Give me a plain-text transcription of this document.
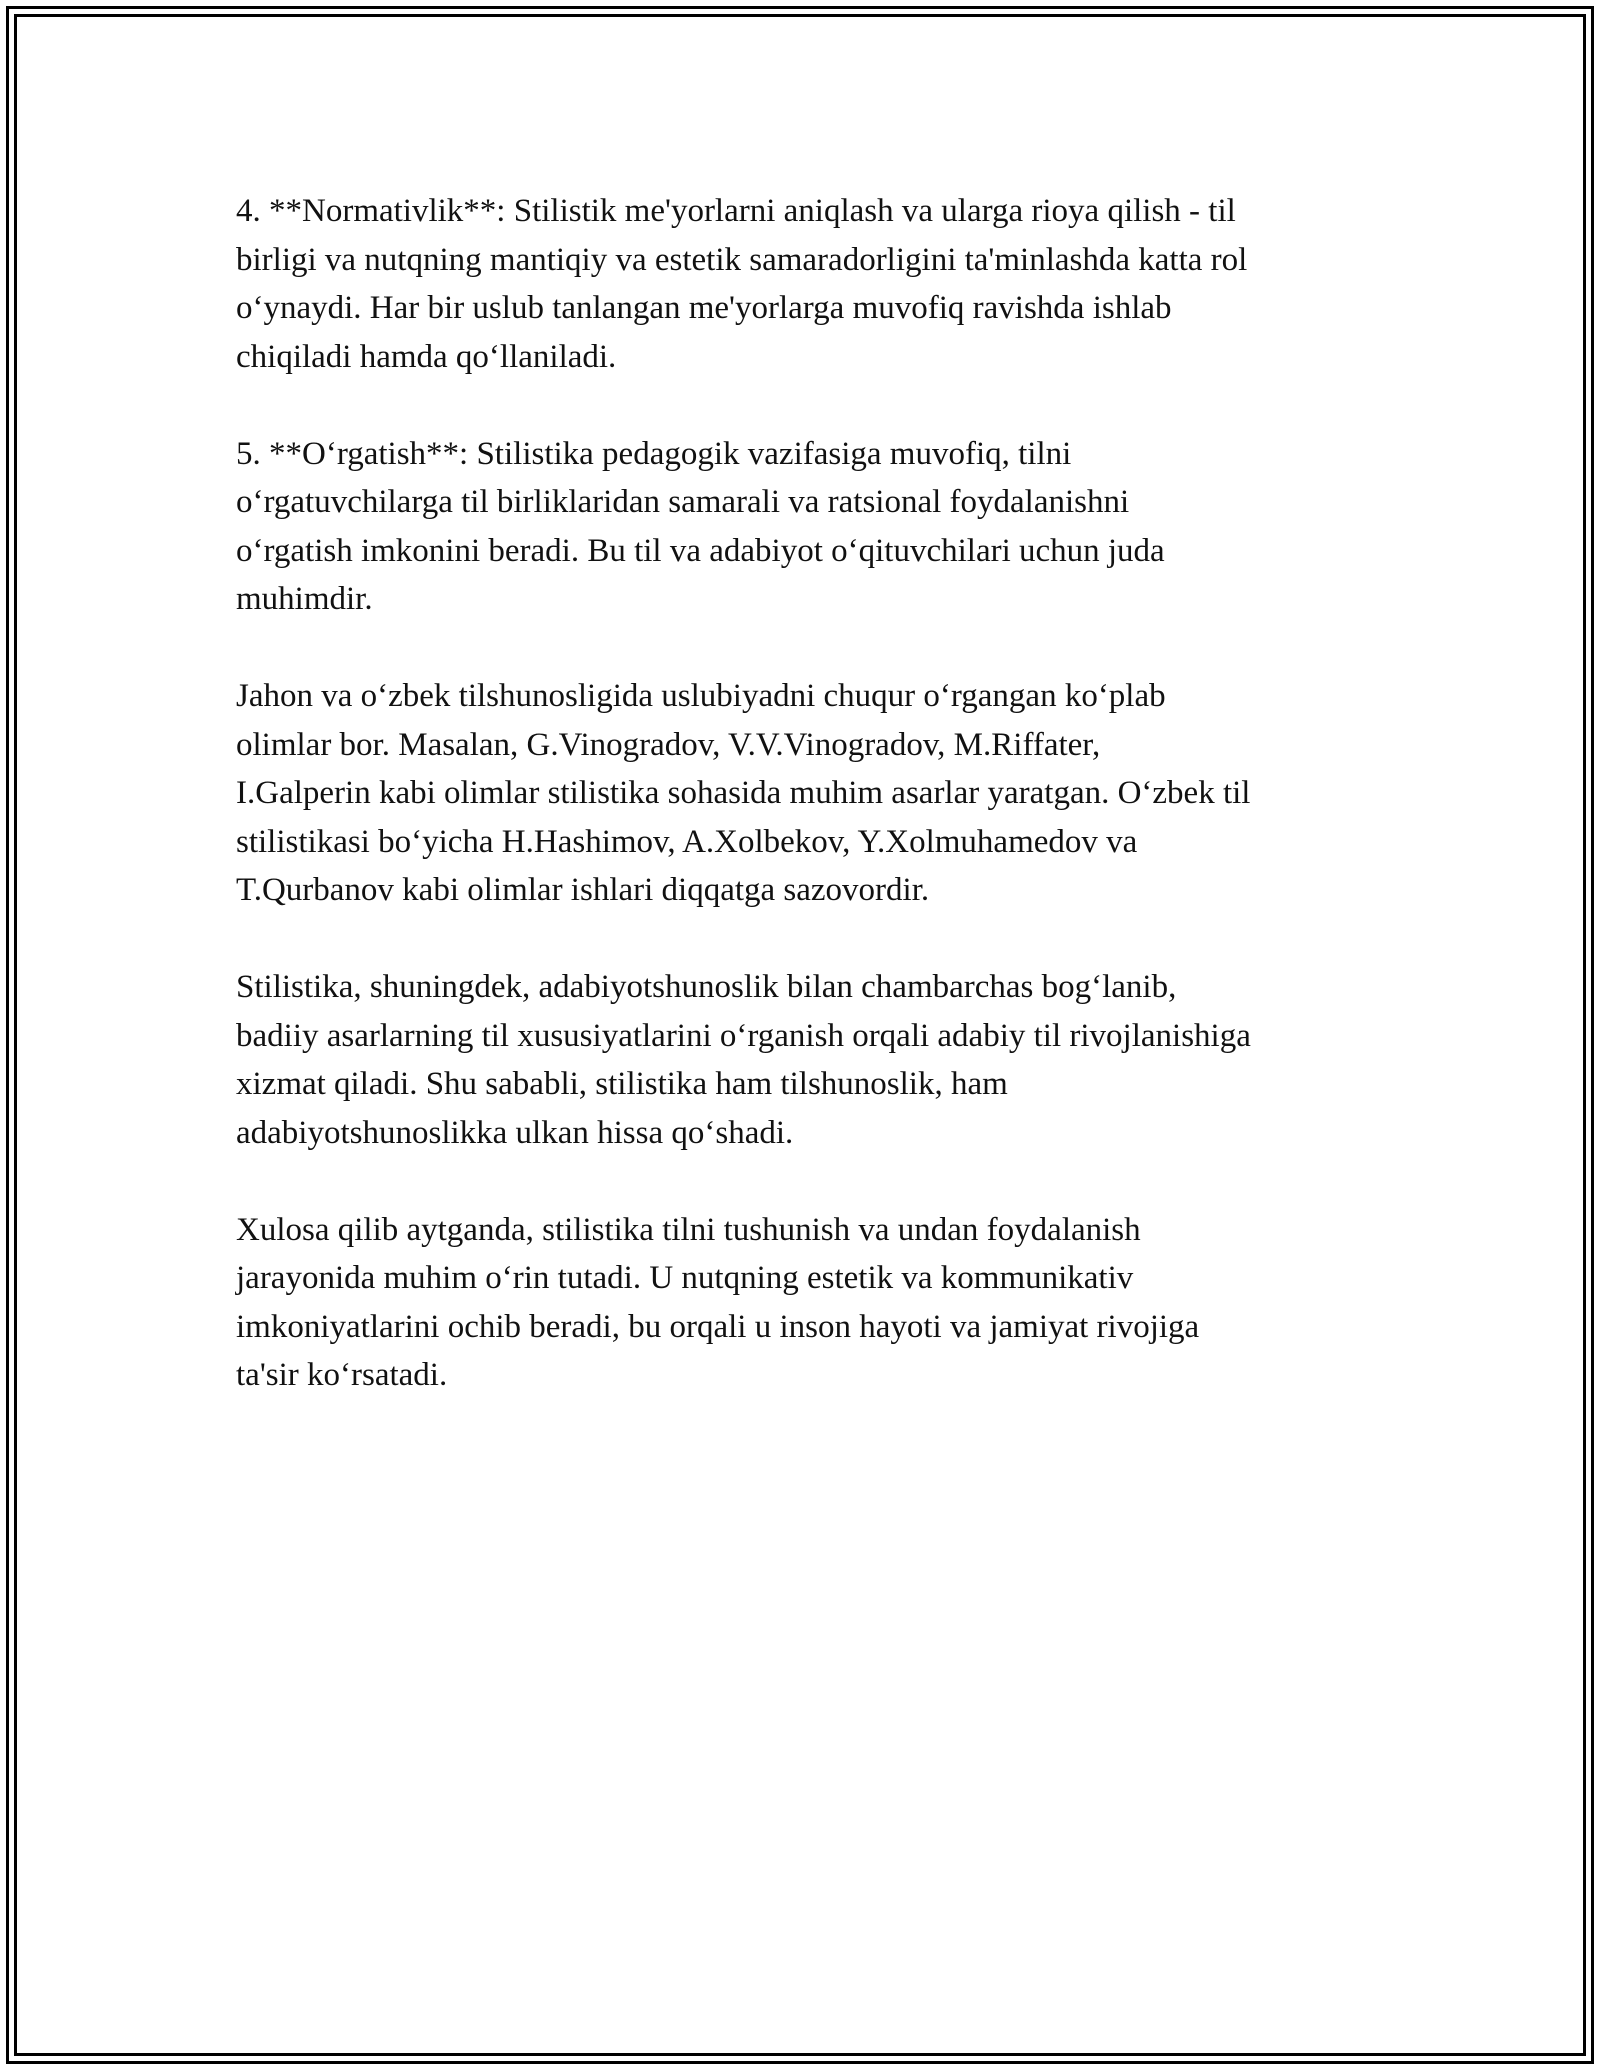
4. **Normativlik**: Stilistik me'yorlarni aniqlash va ularga rioya qilish - til
birligi va nutqning mantiqiy va estetik samaradorligini ta'minlashda katta rol
o‘ynaydi. Har bir uslub tanlangan me'yorlarga muvofiq ravishda ishlab
chiqiladi hamda qo‘llaniladi.

5. **O‘rgatish**: Stilistika pedagogik vazifasiga muvofiq, tilni
o‘rgatuvchilarga til birliklaridan samarali va ratsional foydalanishni
o‘rgatish imkonini beradi. Bu til va adabiyot o‘qituvchilari uchun juda
muhimdir.

Jahon va o‘zbek tilshunosligida uslubiyadni chuqur o‘rgangan ko‘plab
olimlar bor. Masalan, G.Vinogradov, V.V.Vinogradov, M.Riffater,
I.Galperin kabi olimlar stilistika sohasida muhim asarlar yaratgan. O‘zbek til
stilistikasi bo‘yicha H.Hashimov, A.Xolbekov, Y.Xolmuhamedov va
T.Qurbanov kabi olimlar ishlari diqqatga sazovordir.

Stilistika, shuningdek, adabiyotshunoslik bilan chambarchas bog‘lanib,
badiiy asarlarning til xususiyatlarini o‘rganish orqali adabiy til rivojlanishiga
xizmat qiladi. Shu sababli, stilistika ham tilshunoslik, ham
adabiyotshunoslikka ulkan hissa qo‘shadi.

Xulosa qilib aytganda, stilistika tilni tushunish va undan foydalanish
jarayonida muhim o‘rin tutadi. U nutqning estetik va kommunikativ
imkoniyatlarini ochib beradi, bu orqali u inson hayoti va jamiyat rivojiga
ta'sir ko‘rsatadi.
